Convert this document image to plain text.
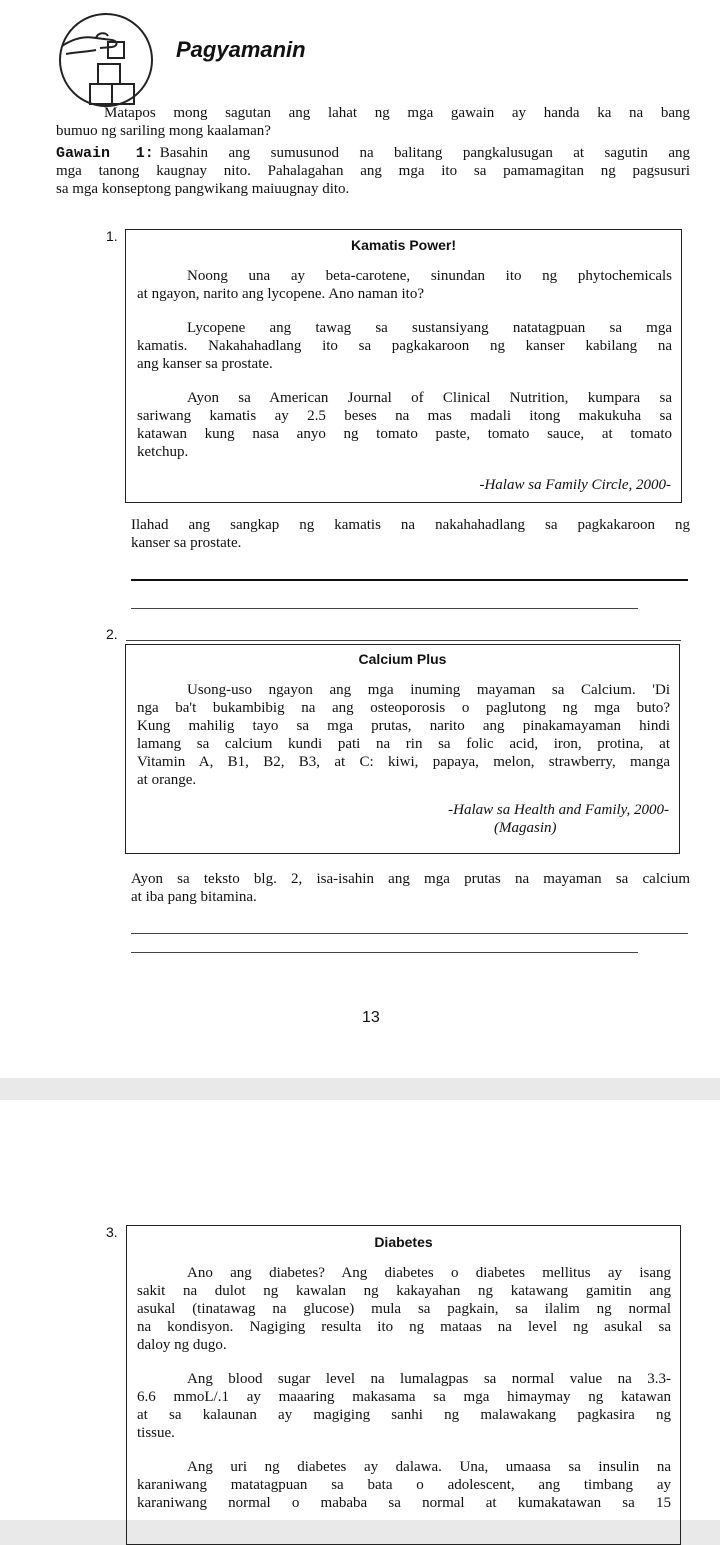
Pagyamanin

Matapos mong sagutan ang lahat ng mga gawain ay handa ka na bang

bumuo ng sariling mong kaalaman?

Gawain 1: Basahin ang sumusunod na balitang pangkalusugan at sagutin ang

mga tanong kaugnay nito. Pahalagahan ang mga ito sa pamamagitan ng pagsusuri

sa mga konseptong pangwikang maiuugnay dito.

1.
Kamatis Power!

Noong una ay beta-carotene, sinundan ito ng phytochemicals

at ngayon, narito ang lycopene. Ano naman ito?

Lycopene ang tawag sa sustansiyang natatagpuan sa mga

kamatis. Nakahahadlang ito sa pagkakaroon ng kanser kabilang na

ang kanser sa prostate.

Ayon sa American Journal of Clinical Nutrition, kumpara sa

sariwang kamatis ay 2.5 beses na mas madali itong makukuha sa

katawan kung nasa anyo ng tomato paste, tomato sauce, at tomato

ketchup.

-Halaw sa Family Circle, 2000-

Ilahad ang sangkap ng kamatis na nakahahadlang sa pagkakaroon ng

kanser sa prostate.

2.
Calcium Plus

Usong-uso ngayon ang mga inuming mayaman sa Calcium. 'Di

nga ba't bukambibig na ang osteoporosis o paglutong ng mga buto?

Kung mahilig tayo sa mga prutas, narito ang pinakamayaman hindi

lamang sa calcium kundi pati na rin sa folic acid, iron, protina, at

Vitamin A, B1, B2, B3, at C: kiwi, papaya, melon, strawberry, manga

at orange.

-Halaw sa Health and Family, 2000-

(Magasin)

Ayon sa teksto blg. 2, isa-isahin ang mga prutas na mayaman sa calcium

at iba pang bitamina.

13
3.
Diabetes

Ano ang diabetes? Ang diabetes o diabetes mellitus ay isang

sakit na dulot ng kawalan ng kakayahan ng katawang gamitin ang

asukal (tinatawag na glucose) mula sa pagkain, sa ilalim ng normal

na kondisyon. Nagiging resulta ito ng mataas na level ng asukal sa

daloy ng dugo.

Ang blood sugar level na lumalagpas sa normal value na 3.3-

6.6 mmoL/.1 ay maaaring makasama sa mga himaymay ng katawan

at sa kalaunan ay magiging sanhi ng malawakang pagkasira ng

tissue.

Ang uri ng diabetes ay dalawa. Una, umaasa sa insulin na

karaniwang matatagpuan sa bata o adolescent, ang timbang ay

karaniwang normal o mababa sa normal at kumakatawan sa 15
